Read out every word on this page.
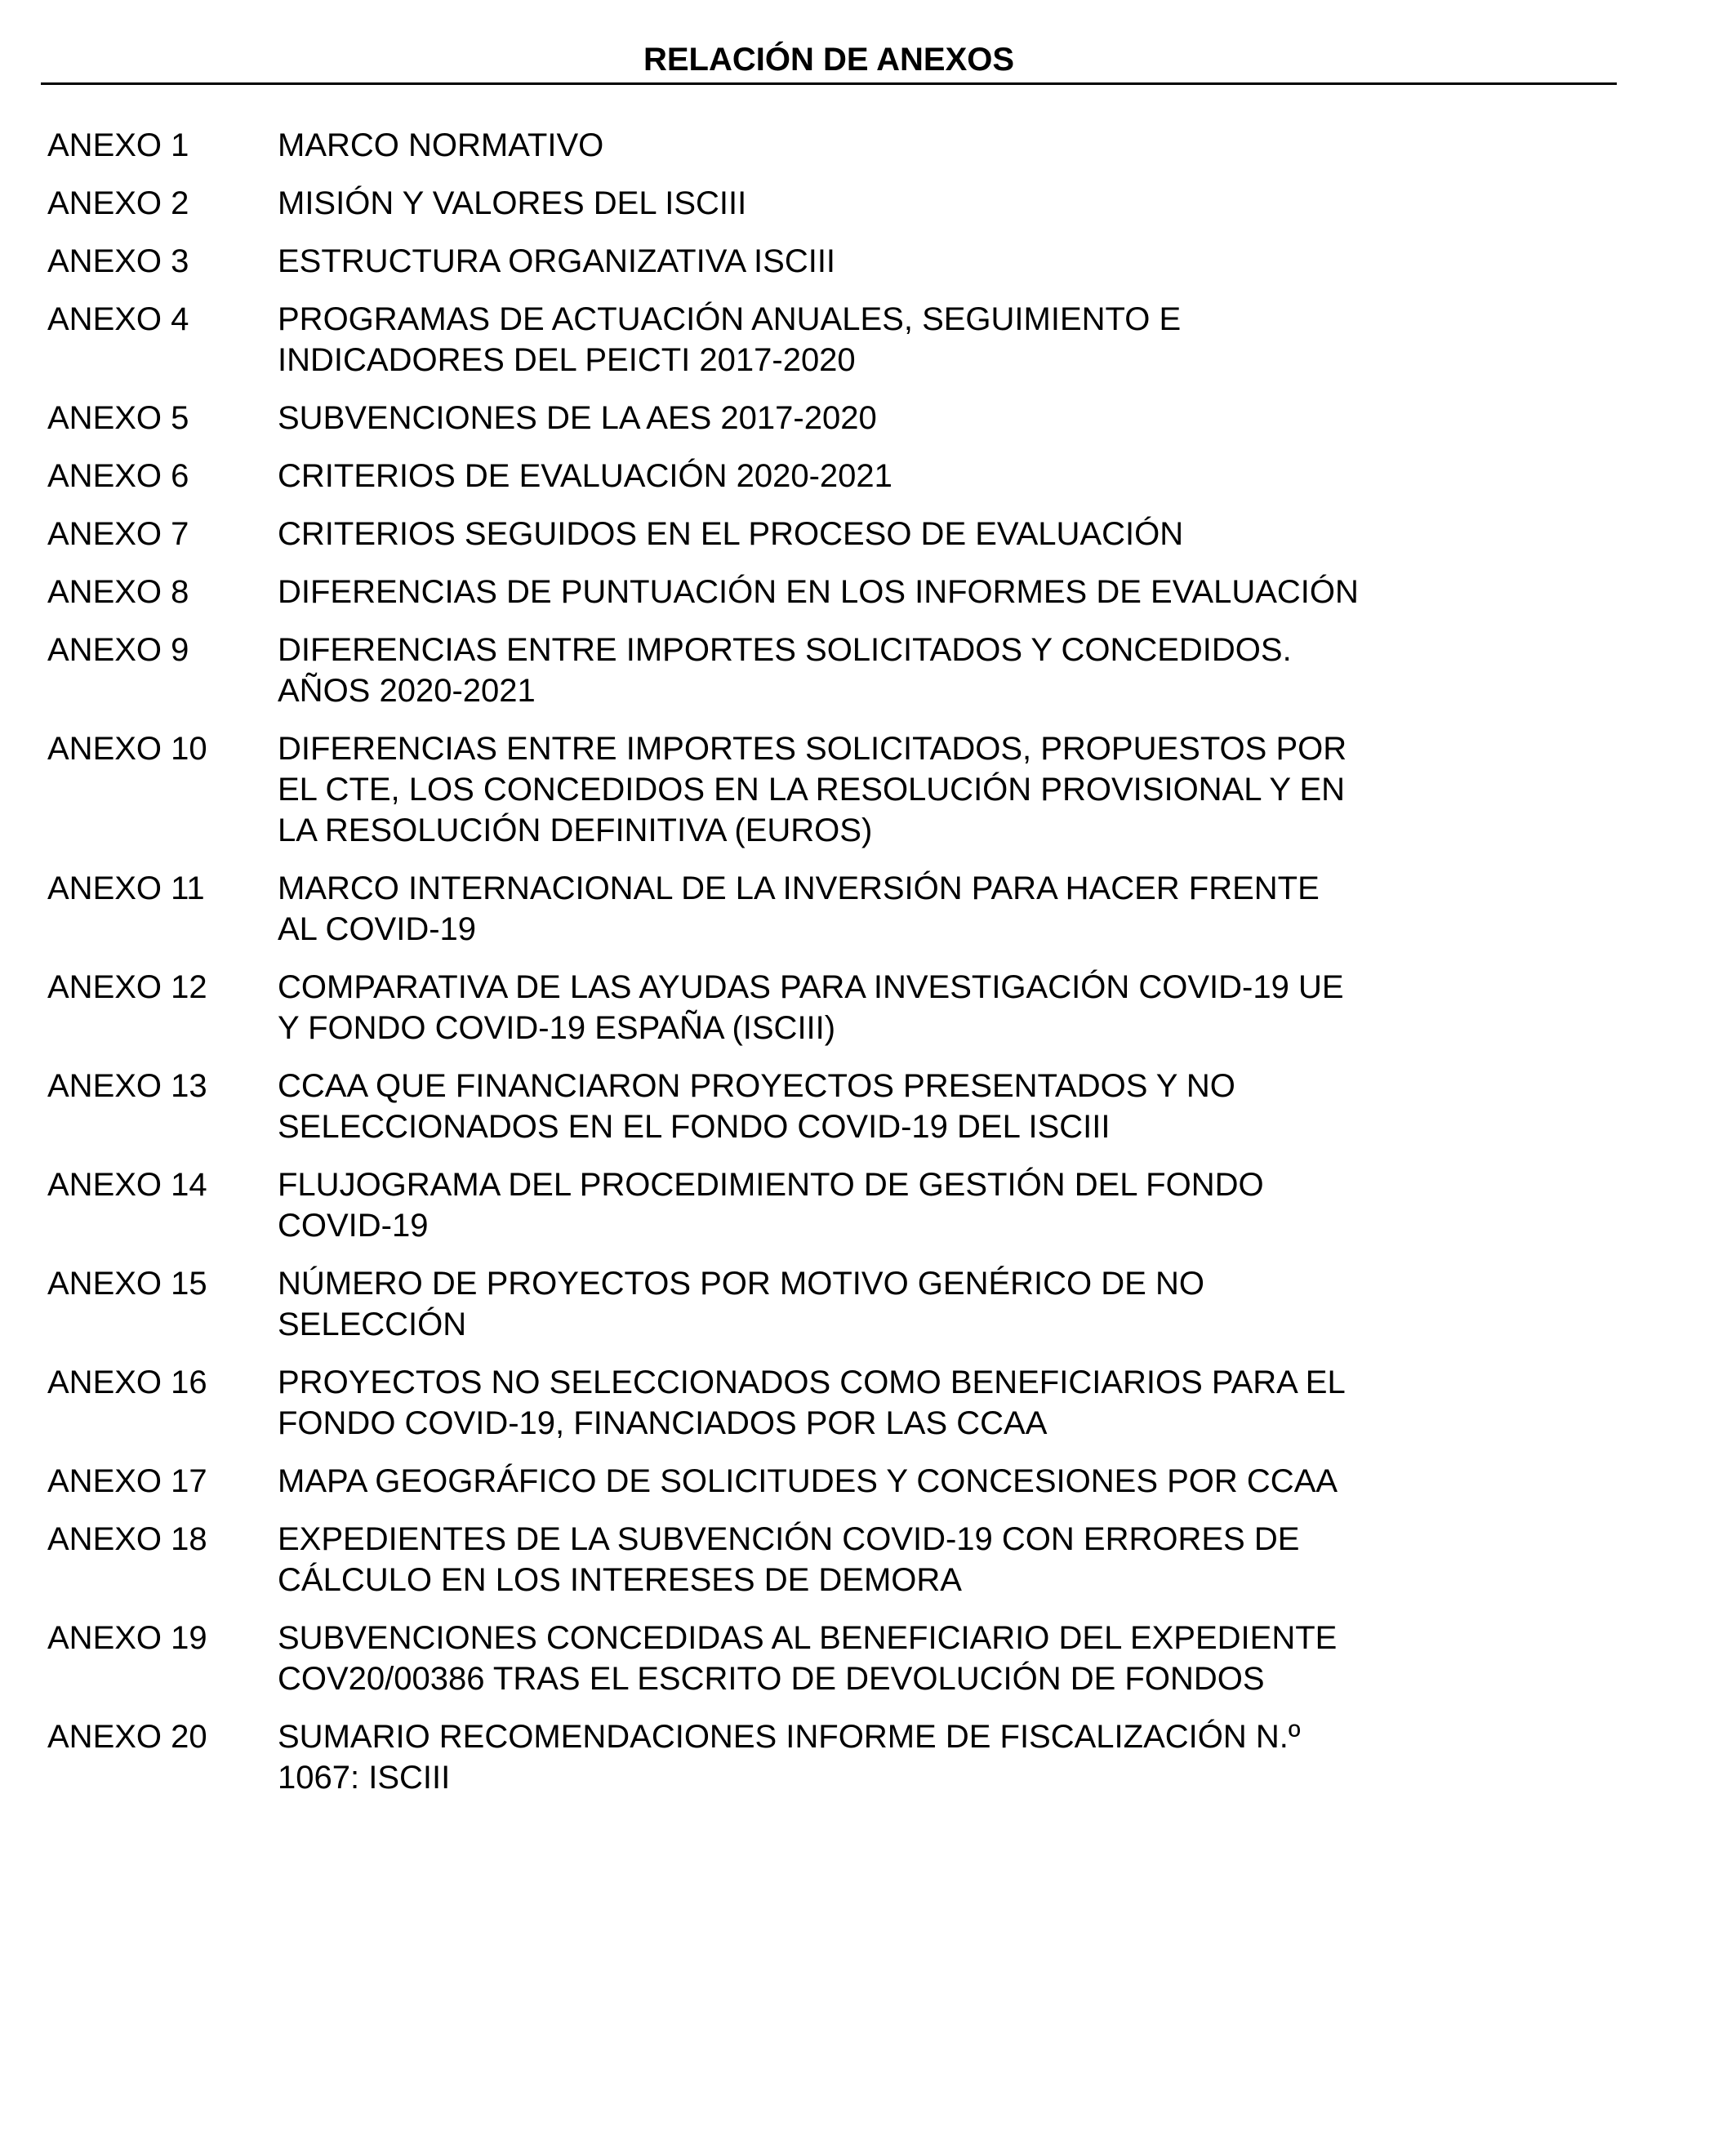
RELACIÓN DE ANEXOS
ANEXO 1	MARCO NORMATIVO
ANEXO 2	MISIÓN Y VALORES DEL ISCIII
ANEXO 3	ESTRUCTURA ORGANIZATIVA ISCIII
ANEXO 4	PROGRAMAS DE ACTUACIÓN ANUALES, SEGUIMIENTO E
INDICADORES DEL PEICTI 2017-2020
ANEXO 5	SUBVENCIONES DE LA AES 2017-2020
ANEXO 6	CRITERIOS DE EVALUACIÓN 2020-2021
ANEXO 7	CRITERIOS SEGUIDOS EN EL PROCESO DE EVALUACIÓN
ANEXO 8	DIFERENCIAS DE PUNTUACIÓN EN LOS INFORMES DE EVALUACIÓN
ANEXO 9	DIFERENCIAS ENTRE IMPORTES SOLICITADOS Y CONCEDIDOS.
AÑOS 2020-2021
ANEXO 10	DIFERENCIAS ENTRE IMPORTES SOLICITADOS, PROPUESTOS POR
EL CTE, LOS CONCEDIDOS EN LA RESOLUCIÓN PROVISIONAL Y EN
LA RESOLUCIÓN DEFINITIVA (EUROS)
ANEXO 11	MARCO INTERNACIONAL DE LA INVERSIÓN PARA HACER FRENTE
AL COVID-19
ANEXO 12	COMPARATIVA DE LAS AYUDAS PARA INVESTIGACIÓN COVID-19 UE
Y FONDO COVID-19 ESPAÑA (ISCIII)
ANEXO 13	CCAA QUE FINANCIARON PROYECTOS PRESENTADOS Y NO
SELECCIONADOS EN EL FONDO COVID-19 DEL ISCIII
ANEXO 14	FLUJOGRAMA DEL PROCEDIMIENTO DE GESTIÓN DEL FONDO
COVID-19
ANEXO 15	NÚMERO DE PROYECTOS POR MOTIVO GENÉRICO DE NO
SELECCIÓN
ANEXO 16	PROYECTOS NO SELECCIONADOS COMO BENEFICIARIOS PARA EL
FONDO COVID-19, FINANCIADOS POR LAS CCAA
ANEXO 17	MAPA GEOGRÁFICO DE SOLICITUDES Y CONCESIONES POR CCAA
ANEXO 18	EXPEDIENTES DE LA SUBVENCIÓN COVID-19 CON ERRORES DE
CÁLCULO EN LOS INTERESES DE DEMORA
ANEXO 19	SUBVENCIONES CONCEDIDAS AL BENEFICIARIO DEL EXPEDIENTE
COV20/00386 TRAS EL ESCRITO DE DEVOLUCIÓN DE FONDOS
ANEXO 20	SUMARIO RECOMENDACIONES INFORME DE FISCALIZACIÓN N.º
1067: ISCIII
